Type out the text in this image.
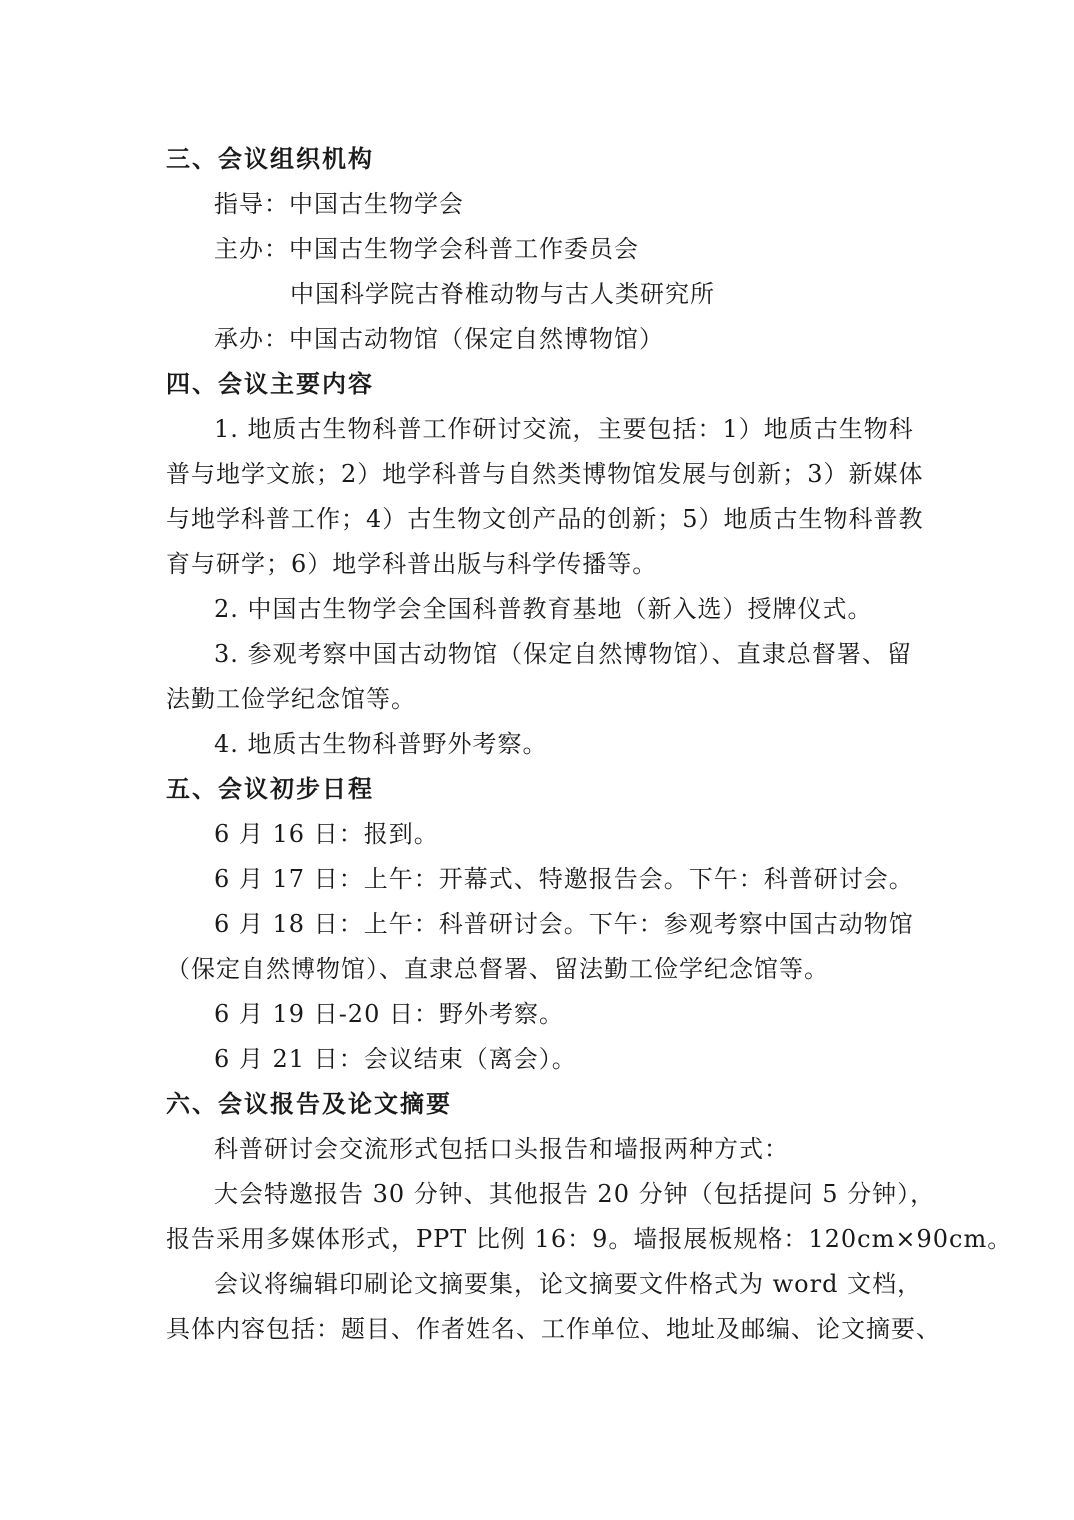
三、会议组织机构
指导：中国古生物学会
主办：中国古生物学会科普工作委员会
中国科学院古脊椎动物与古人类研究所
承办：中国古动物馆（保定自然博物馆）
四、会议主要内容
1. 地质古生物科普工作研讨交流，主要包括：1）地质古生物科
普与地学文旅；2）地学科普与自然类博物馆发展与创新；3）新媒体
与地学科普工作；4）古生物文创产品的创新；5）地质古生物科普教
育与研学；6）地学科普出版与科学传播等。
2. 中国古生物学会全国科普教育基地（新入选）授牌仪式。
3. 参观考察中国古动物馆（保定自然博物馆）、直隶总督署、留
法勤工俭学纪念馆等。
4. 地质古生物科普野外考察。
五、会议初步日程
6 月 16 日：报到。
6 月 17 日：上午：开幕式、特邀报告会。下午：科普研讨会。
6 月 18 日：上午：科普研讨会。下午：参观考察中国古动物馆
（保定自然博物馆）、直隶总督署、留法勤工俭学纪念馆等。
6 月 19 日-20 日：野外考察。
6 月 21 日：会议结束（离会）。
六、会议报告及论文摘要
科普研讨会交流形式包括口头报告和墙报两种方式：
大会特邀报告 30 分钟、其他报告 20 分钟（包括提问 5 分钟），
报告采用多媒体形式，PPT 比例 16：9。墙报展板规格：120cm×90cm。
会议将编辑印刷论文摘要集，论文摘要文件格式为 word 文档，
具体内容包括：题目、作者姓名、工作单位、地址及邮编、论文摘要、
